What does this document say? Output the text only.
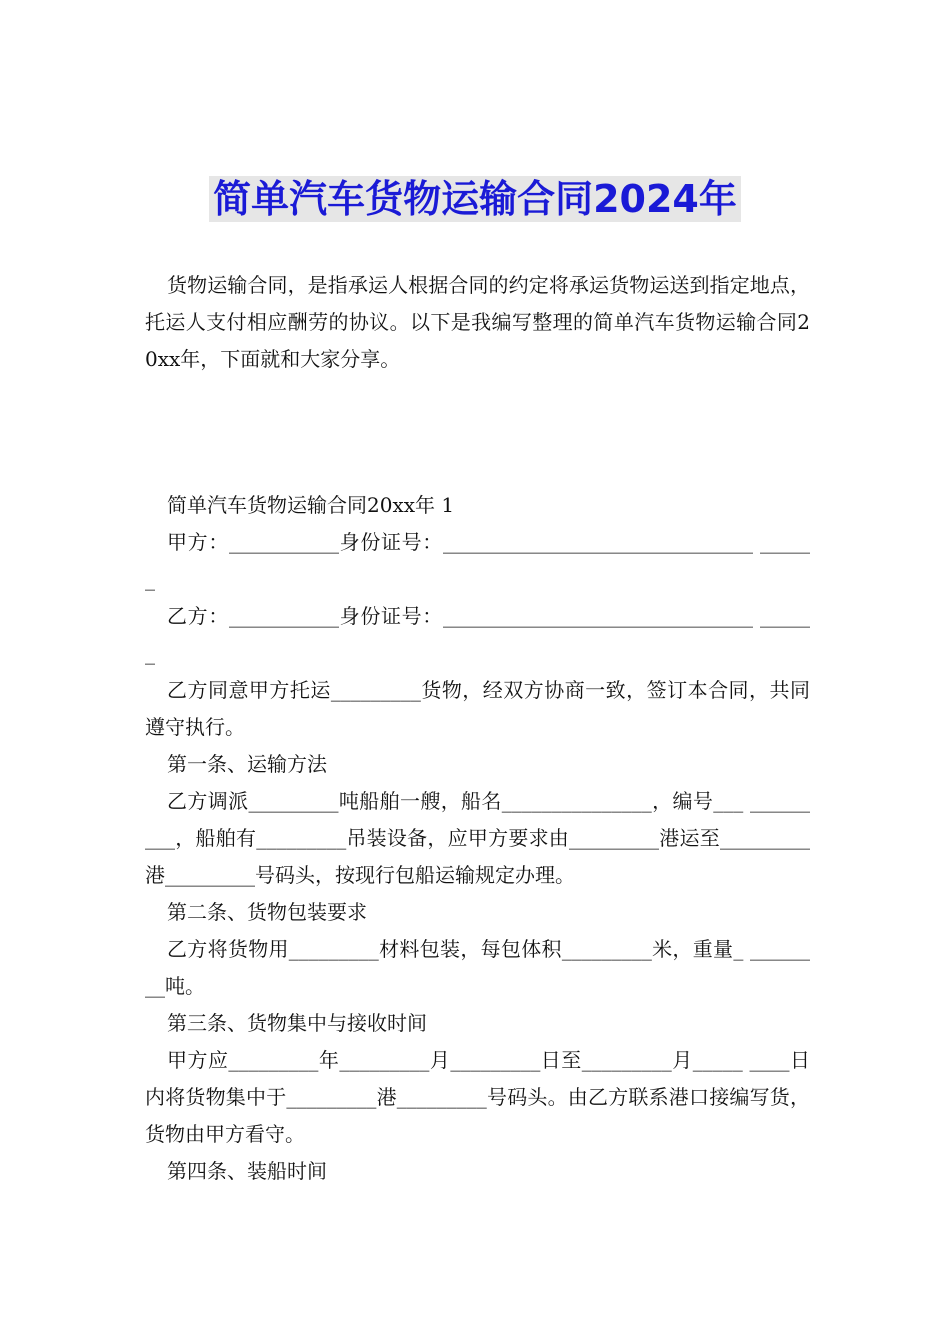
简单汽车货物运输合同2024年

货物运输合同，是指承运人根据合同的约定将承运货物运送到指定地点，托运人支付相应酬劳的协议。以下是我编写整理的简单汽车货物运输合同20xx年，下面就和大家分享。

简单汽车货物运输合同20xx年 1

甲方：___________身份证号：_______________________________ ______

乙方：___________身份证号：_______________________________ ______

乙方同意甲方托运_________货物，经双方协商一致，签订本合同，共同遵守执行。

第一条、运输方法

乙方调派_________吨船舶一艘，船名_______________，编号___ _________，船舶有_________吊装设备，应甲方要求由_________港运至_________港_________号码头，按现行包船运输规定办理。

第二条、货物包装要求

乙方将货物用_________材料包装，每包体积_________米，重量_ ________吨。

第三条、货物集中与接收时间

甲方应_________年_________月_________日至_________月_____ ____日内将货物集中于_________港_________号码头。由乙方联系港口接编写货，货物由甲方看守。

第四条、装船时间
